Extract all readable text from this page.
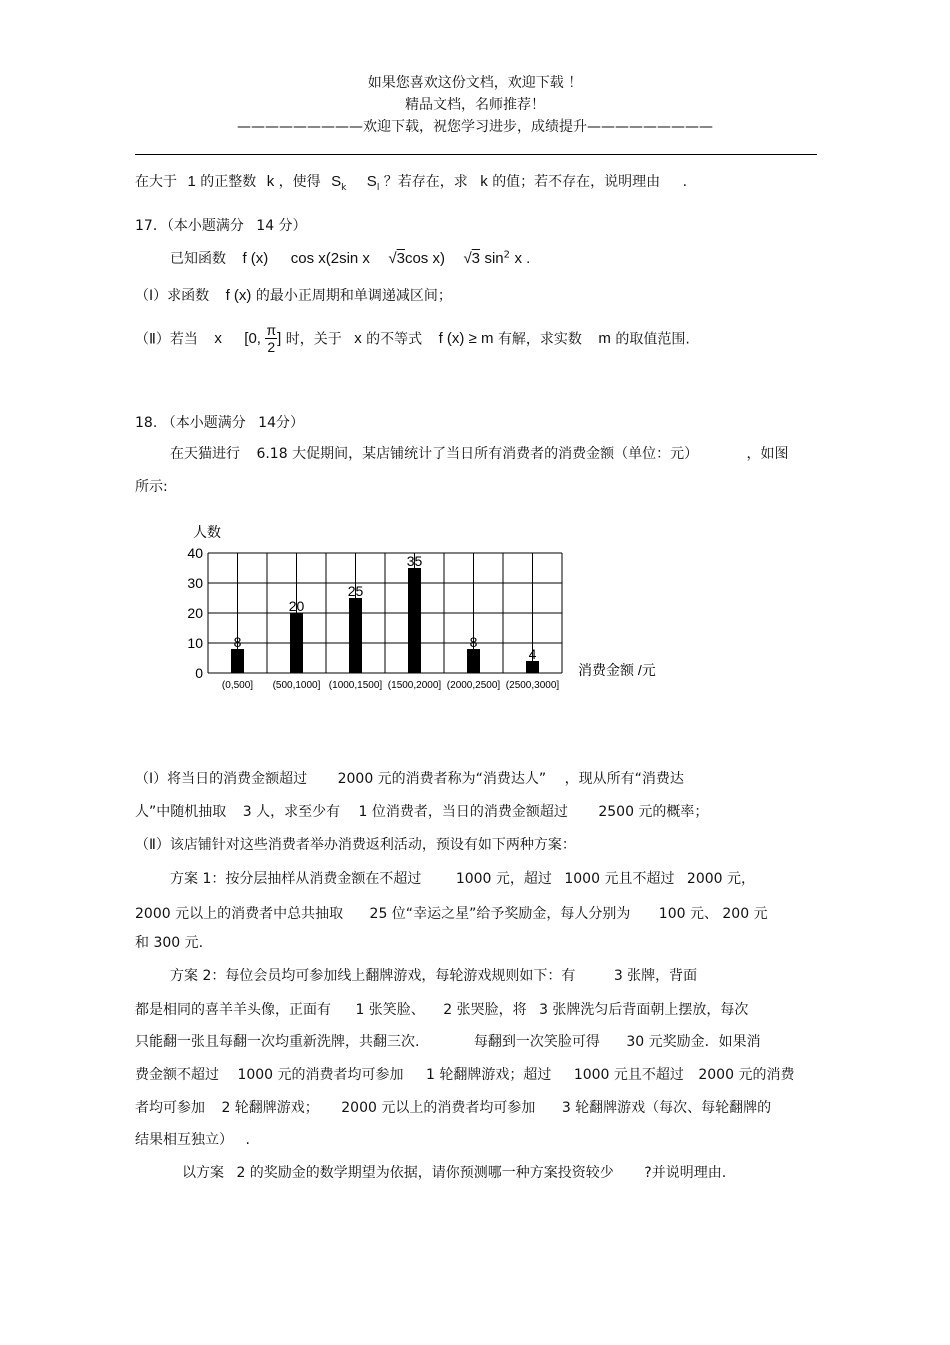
如果您喜欢这份文档，欢迎下载 ！
精品文档，名师推荐！
—————————欢迎下载，祝您学习进步，成绩提升—————————
在大于 1 的正整数 k ，使得 $S_k$ $S_l$ ？若存在，求 k 的值；若不存在，说明理由 .
17．（本小题满分 14 分）
已知函数 f (x) cos x(2sin x √3cos x) √3 $\sin^2 x$ .
（Ⅰ）求函数 f (x) 的最小正周期和单调递减区间；
（Ⅱ）若当 x [0, $\frac{\pi}{2}$ ] 时，关于 x 的不等式 f (x) ≥ m 有解，求实数 m 的取值范围.
18. （本小题满分 14分）
在天猫进行 6.18 大促期间，某店铺统计了当日所有消费者的消费金额（单位：元）	，如图
所示:
0
10
20
30
40
人数
消费金额 /元
8
(0,500]
20
(500,1000]
25
(1000,1500]
35
(1500,2000]
8
(2000,2500]
4
(2500,3000]
（Ⅰ）将当日的消费金额超过 2000 元的消费者称为“消费达人” ，现从所有“消费达
人”中随机抽取 3 人，求至少有 1 位消费者，当日的消费金额超过 2500 元的概率；
（Ⅱ）该店铺针对这些消费者举办消费返利活动，预设有如下两种方案：
方案 1：按分层抽样从消费金额在不超过 1000 元，超过 1000 元且不超过 2000 元，
2000 元以上的消费者中总共抽取 25 位“幸运之星”给予奖励金，每人分别为 100 元、 200 元
和 300 元.
方案 2：每位会员均可参加线上翻牌游戏，每轮游戏规则如下：有	3 张牌，背面
都是相同的喜羊羊头像，正面有 1 张笑脸、 2 张哭脸，将 3 张牌洗匀后背面朝上摆放，每次
只能翻一张且每翻一次均重新洗牌，共翻三次.	每翻到一次笑脸可得 30 元奖励金．如果消
费金额不超过 1000 元的消费者均可参加 1 轮翻牌游戏；超过 1000 元且不超过 2000 元的消费
者均可参加 2 轮翻牌游戏； 2000 元以上的消费者均可参加 3 轮翻牌游戏（每次、每轮翻牌的
结果相互独立） .
以方案 2 的奖励金的数学期望为依据，请你预测哪一种方案投资较少 ?并说明理由.
